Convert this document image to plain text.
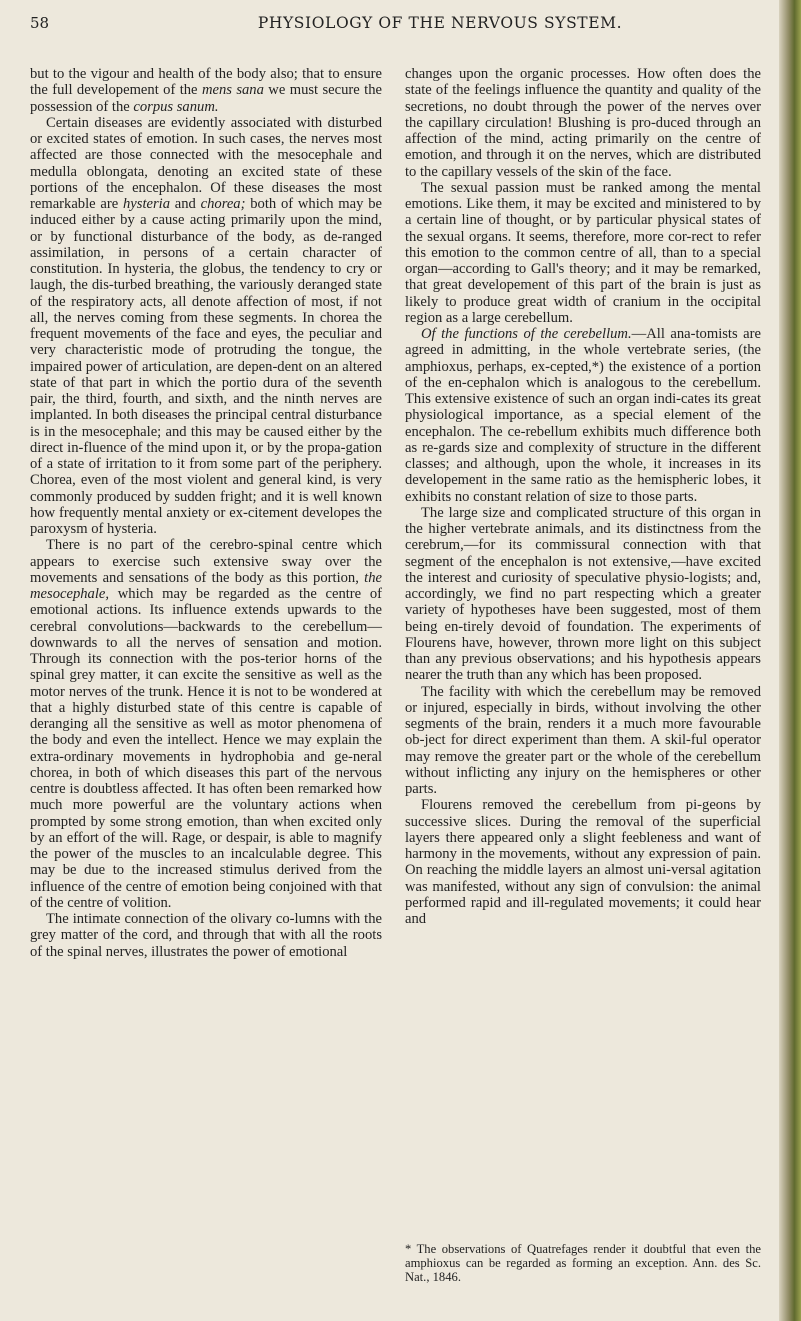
58	PHYSIOLOGY OF THE NERVOUS SYSTEM.

but to the vigour and health of the body also; that to ensure the full developement of the mens sana we must secure the possession of the corpus sanum.

Certain diseases are evidently associated with disturbed or excited states of emotion. In such cases, the nerves most affected are those connected with the mesocephale and medulla oblongata, denoting an excited state of these portions of the encephalon. Of these diseases the most remarkable are hysteria and chorea; both of which may be induced either by a cause acting primarily upon the mind, or by functional disturbance of the body, as de-ranged assimilation, in persons of a certain character of constitution. In hysteria, the globus, the tendency to cry or laugh, the dis-turbed breathing, the variously deranged state of the respiratory acts, all denote affection of most, if not all, the nerves coming from these segments. In chorea the frequent movements of the face and eyes, the peculiar and very characteristic mode of protruding the tongue, the impaired power of articulation, are depen-dent on an altered state of that part in which the portio dura of the seventh pair, the third, fourth, and sixth, and the ninth nerves are implanted. In both diseases the principal central disturbance is in the mesocephale; and this may be caused either by the direct in-fluence of the mind upon it, or by the propa-gation of a state of irritation to it from some part of the periphery. Chorea, even of the most violent and general kind, is very commonly produced by sudden fright; and it is well known how frequently mental anxiety or ex-citement developes the paroxysm of hysteria.

There is no part of the cerebro-spinal centre which appears to exercise such extensive sway over the movements and sensations of the body as this portion, the mesocephale, which may be regarded as the centre of emotional actions. Its influence extends upwards to the cerebral convolutions—backwards to the cerebellum—downwards to all the nerves of sensation and motion. Through its connection with the pos-terior horns of the spinal grey matter, it can excite the sensitive as well as the motor nerves of the trunk. Hence it is not to be wondered at that a highly disturbed state of this centre is capable of deranging all the sensitive as well as motor phenomena of the body and even the intellect. Hence we may explain the extra-ordinary movements in hydrophobia and ge-neral chorea, in both of which diseases this part of the nervous centre is doubtless affected. It has often been remarked how much more powerful are the voluntary actions when prompted by some strong emotion, than when excited only by an effort of the will. Rage, or despair, is able to magnify the power of the muscles to an incalculable degree. This may be due to the increased stimulus derived from the influence of the centre of emotion being conjoined with that of the centre of volition.

The intimate connection of the olivary co-lumns with the grey matter of the cord, and through that with all the roots of the spinal nerves, illustrates the power of emotional

changes upon the organic processes. How often does the state of the feelings influence the quantity and quality of the secretions, no doubt through the power of the nerves over the capillary circulation! Blushing is pro-duced through an affection of the mind, acting primarily on the centre of emotion, and through it on the nerves, which are distributed to the capillary vessels of the skin of the face.

The sexual passion must be ranked among the mental emotions. Like them, it may be excited and ministered to by a certain line of thought, or by particular physical states of the sexual organs. It seems, therefore, more cor-rect to refer this emotion to the common centre of all, than to a special organ—according to Gall's theory; and it may be remarked, that great developement of this part of the brain is just as likely to produce great width of cranium in the occipital region as a large cerebellum.

Of the functions of the cerebellum.—All ana-tomists are agreed in admitting, in the whole vertebrate series, (the amphioxus, perhaps, ex-cepted,*) the existence of a portion of the en-cephalon which is analogous to the cerebellum. This extensive existence of such an organ indi-cates its great physiological importance, as a special element of the encephalon. The ce-rebellum exhibits much difference both as re-gards size and complexity of structure in the different classes; and although, upon the whole, it increases in its developement in the same ratio as the hemispheric lobes, it exhibits no constant relation of size to those parts.

The large size and complicated structure of this organ in the higher vertebrate animals, and its distinctness from the cerebrum,—for its commissural connection with that segment of the encephalon is not extensive,—have excited the interest and curiosity of speculative physio-logists; and, accordingly, we find no part respecting which a greater variety of hypotheses have been suggested, most of them being en-tirely devoid of foundation. The experiments of Flourens have, however, thrown more light on this subject than any previous observations; and his hypothesis appears nearer the truth than any which has been proposed.

The facility with which the cerebellum may be removed or injured, especially in birds, without involving the other segments of the brain, renders it a much more favourable ob-ject for direct experiment than them. A skil-ful operator may remove the greater part or the whole of the cerebellum without inflicting any injury on the hemispheres or other parts.

Flourens removed the cerebellum from pi-geons by successive slices. During the removal of the superficial layers there appeared only a slight feebleness and want of harmony in the movements, without any expression of pain. On reaching the middle layers an almost uni-versal agitation was manifested, without any sign of convulsion: the animal performed rapid and ill-regulated movements; it could hear and

* The observations of Quatrefages render it doubtful that even the amphioxus can be regarded as forming an exception. Ann. des Sc. Nat., 1846.
